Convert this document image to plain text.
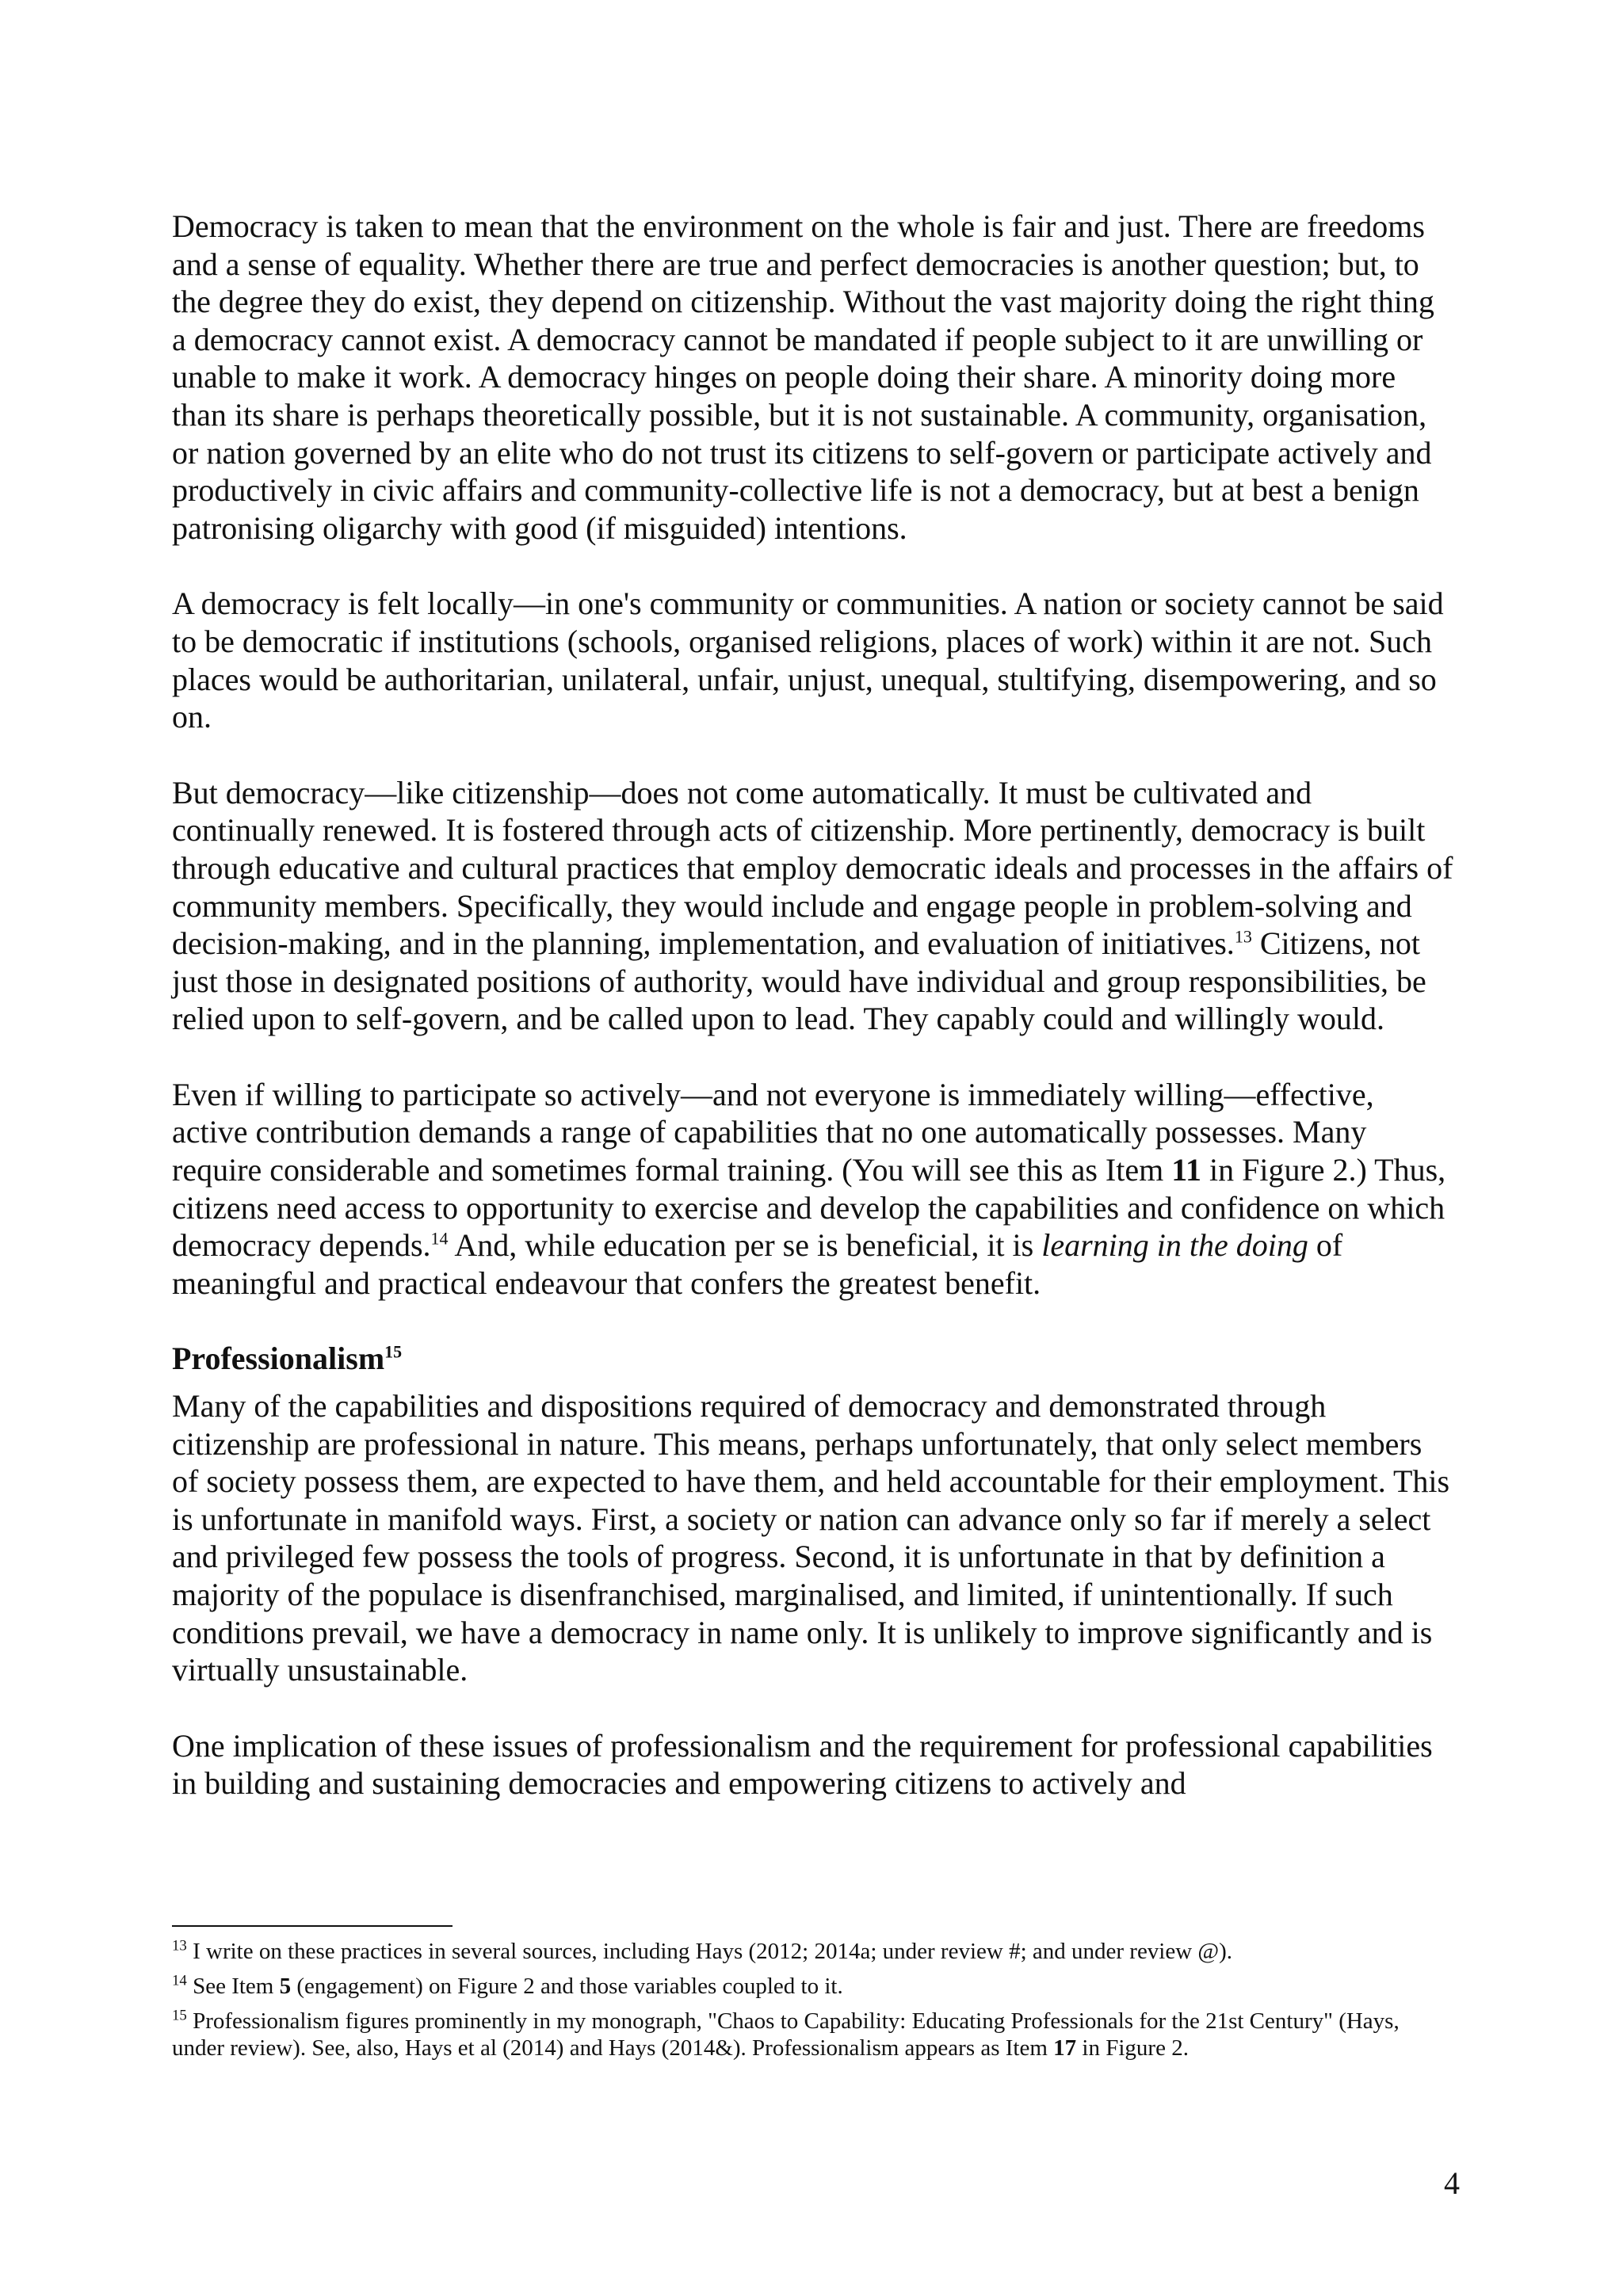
Democracy is taken to mean that the environment on the whole is fair and just. There are freedoms and a sense of equality. Whether there are true and perfect democracies is another question; but, to the degree they do exist, they depend on citizenship. Without the vast majority doing the right thing a democracy cannot exist. A democracy cannot be mandated if people subject to it are unwilling or unable to make it work. A democracy hinges on people doing their share. A minority doing more than its share is perhaps theoretically possible, but it is not sustainable. A community, organisation, or nation governed by an elite who do not trust its citizens to self-govern or participate actively and productively in civic affairs and community-collective life is not a democracy, but at best a benign patronising oligarchy with good (if misguided) intentions.

A democracy is felt locally—in one's community or communities. A nation or society cannot be said to be democratic if institutions (schools, organised religions, places of work) within it are not. Such places would be authoritarian, unilateral, unfair, unjust, unequal, stultifying, disempowering, and so on.

But democracy—like citizenship—does not come automatically. It must be cultivated and continually renewed. It is fostered through acts of citizenship. More pertinently, democracy is built through educative and cultural practices that employ democratic ideals and processes in the affairs of community members. Specifically, they would include and engage people in problem-solving and decision-making, and in the planning, implementation, and evaluation of initiatives.$^{13}$ Citizens, not just those in designated positions of authority, would have individual and group responsibilities, be relied upon to self-govern, and be called upon to lead. They capably could and willingly would.

Even if willing to participate so actively—and not everyone is immediately willing—effective, active contribution demands a range of capabilities that no one automatically possesses. Many require considerable and sometimes formal training. (You will see this as Item 11 in Figure 2.) Thus, citizens need access to opportunity to exercise and develop the capabilities and confidence on which democracy depends.$^{14}$ And, while education per se is beneficial, it is learning in the doing of meaningful and practical endeavour that confers the greatest benefit.

Professionalism$^{15}$

Many of the capabilities and dispositions required of democracy and demonstrated through citizenship are professional in nature. This means, perhaps unfortunately, that only select members of society possess them, are expected to have them, and held accountable for their employment. This is unfortunate in manifold ways. First, a society or nation can advance only so far if merely a select and privileged few possess the tools of progress. Second, it is unfortunate in that by definition a majority of the populace is disenfranchised, marginalised, and limited, if unintentionally. If such conditions prevail, we have a democracy in name only. It is unlikely to improve significantly and is virtually unsustainable.

One implication of these issues of professionalism and the requirement for professional capabilities in building and sustaining democracies and empowering citizens to actively and

$^{13}$ I write on these practices in several sources, including Hays (2012; 2014a; under review #; and under review @).

$^{14}$ See Item 5 (engagement) on Figure 2 and those variables coupled to it.

$^{15}$ Professionalism figures prominently in my monograph, "Chaos to Capability: Educating Professionals for the 21st Century" (Hays, under review). See, also, Hays et al (2014) and Hays (2014&). Professionalism appears as Item 17 in Figure 2.

4
